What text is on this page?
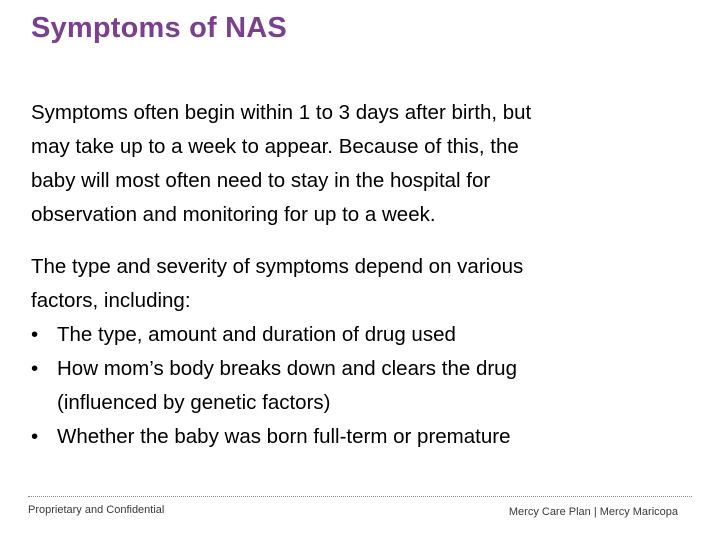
Symptoms of NAS
Symptoms often begin within 1 to 3 days after birth, but
may take up to a week to appear. Because of this, the
baby will most often need to stay in the hospital for
observation and monitoring for up to a week.
The type and severity of symptoms depend on various
factors, including:
• The type, amount and duration of drug used
• How mom’s body breaks down and clears the drug
(influenced by genetic factors)
• Whether the baby was born full-term or premature
Proprietary and Confidential	Mercy Care Plan | Mercy Maricopa
